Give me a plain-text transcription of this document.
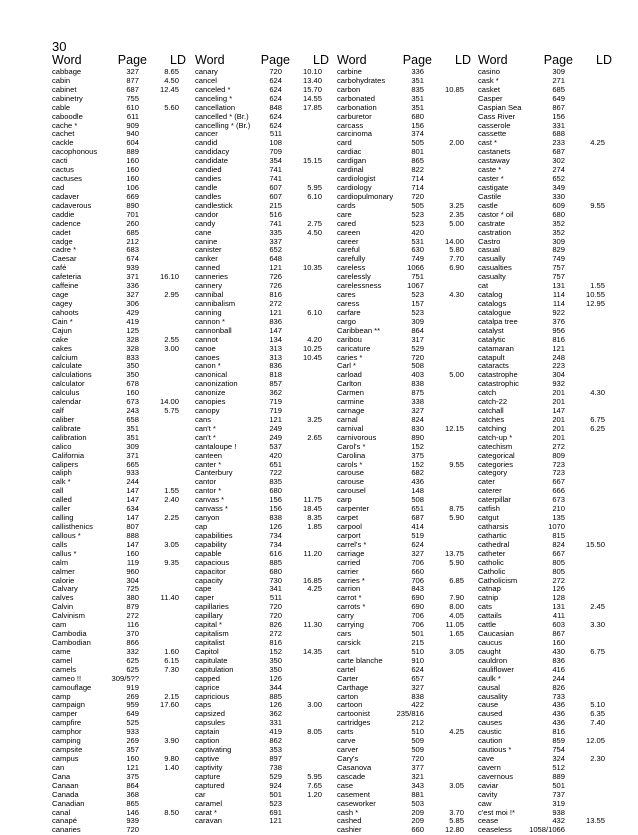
30
Word	Page LD
cabbage	327	8.65
cabin	877	4.50
cabinet	687	12.45
cabinetry	755
cable	610	5.60
caboodle	611
cache *	909
cachet	940
cackle	604
cacophonous	889
cacti	160
cactus	160
cactuses	160
cad	106
cadaver	669
cadaverous	890
caddie	701
cadence	260
cadet	685
cadge	212
cadre *	683
Caesar	674
café	939
cafeteria	371	16.10
caffeine	336
cage	327	2.95
cagey	306
cahoots	429
Cain *	419
Cajun	125
cake	328	2.55
cakes	328	3.00
calcium	833
calculate	350
calculations	350
calculator	678
calculus	160
calendar	673	14.00
calf	243	5.75
caliber	658
calibrate	351
calibration	351
calico	309
California	371
calipers	665
caliph	933
calk *	244
call	147	1.55
called	147	2.40
caller	634
calling	147	2.25
callisthenics	807
callous *	888
calls	147	3.05
callus *	160
calm	119	9.35
calmer	960
calorie	304
Calvary	725
calves	380	11.40
Calvin	879
Calvinism	272
cam	116
Cambodia	370
Cambodian	866
came	332	1.60
camel	625	6.15
camels	625	7.30
cameo !!	309/5??
camouflage	919
camp	269	2.15
campaign	959	17.60
camper	649
campfire	525
camphor	933
camping	269	3.90
campsite	357
campus	160	9.80
can	121	1.40
Cana	375
Canaan	864
Canada	368
Canadian	865
canal	146	8.50
canapé	939
canaries	720
Word	Page LD
canary	720	10.10
cancel	624	13.40
canceled *	624	15.70
canceling *	624	14.55
cancellation	848	17.85
cancelled * (Br.)	624
cancelling * (Br.)	624
cancer	511
candid	108
candidacy	709
candidate	354	15.15
candied	741
candies	741
candle	607	5.95
candles	607	6.10
candlestick	215
candor	516
candy	741	2.75
cane	335	4.50
canine	337
canister	652
canker	648
canned	121	10.35
canneries	726
cannery	726
cannibal	816
cannibalism	272
canning	121	6.10
cannon *	836
cannonball	147
cannot	134	4.20
canoe	313	10.25
canoes	313	10.45
canon *	836
canonical	818
canonization	857
canonize	362
canopies	719
canopy	719
cans	121	3.25
can't *	249
can't *	249	2.65
cantaloupe !	537
canteen	420
canter *	651
Canterbury	722
cantor	835
cantor *	680
canvas *	156	11.75
canvass *	156	18.45
canyon	838	8.35
cap	126	1.85
capabilities	734
capability	734
capable	616	11.20
capacious	885
capacitor	680
capacity	730	16.85
cape	341	4.25
caper	511
capillaries	720
capillary	720
capital *	826	11.30
capitalism	272
capitalist	816
Capitol	152	14.35
capitulate	350
capitulation	350
capped	126
caprice	344
capricious	885
caps	126	3.00
capsized	362
capsules	331
captain	419	8.05
caption	862
captivating	353
captive	897
captivity	738
capture	529	5.95
captured	924	7.65
car	501	1.20
caramel	523
carat *	691
caravan	121
Word	Page LD
carbine	336
carbohydrates	351
carbon	835	10.85
carbonated	351
carbonation	351
carburetor	680
carcass	156
carcinoma	374
card	505	2.00
cardiac	801
cardigan	865
cardinal	822
cardiologist	714
cardiology	714
cardiopulmonary 720
cards	505	3.25
care	523	2.35
cared	523	5.00
careen	420
career	531	14.00
careful	630	5.80
carefully	749	7.70
careless	1066	6.90
carelessly	751
carelessness	1067
cares	523	4.30
caress	157
carfare	523
cargo	309
Caribbean **	864
caribou	317
caricature	529
caries *	720
Carl *	508
carload	403	5.00
Carlton	838
Carmen	875
carmine	338
carnage	327
carnal	824
carnival	830	12.15
carnivorous	890
Carol's *	152
Carolina	375
carols *	152	9.55
carouse	682
carouse	436
carousel	148
carp	508
carpenter	651	8.75
carpet	687	5.90
carpool	414
carport	519
carrel's *	624
carriage	327	13.75
carried	706	5.90
carrier	660
carries *	706	6.85
carrion	843
carrot *	690	7.90
carrots *	690	8.00
carry	706	4.05
carrying	706	11.05
cars	501	1.65
carsick	215
cart	510	3.05
carte blanche	910
cartel	624
Carter	657
Carthage	327
carton	838
cartoon	422
cartoonist	235/816
cartridges	212
carts	510	4.25
carve	509
carver	509
Cary's	720
Casanova	377
cascade	321
case	343	3.05
casement	881
caseworker	503
cash *	209	3.70
cashed	209	5.85
cashier	660	12.80
Word	Page LD
casino	309
cask *	271
casket	685
Casper	649
Caspian Sea	867
Cass River	156
casserole	331
cassette	688
cast *	233	4.25
castanets	687
castaway	302
caste *	274
caster *	652
castigate	349
Castile	330
castle	609	9.55
castor * oil	680
castrate	352
castration	352
Castro	309
casual	829
casually	749
casualties	757
casualty	757
cat	131	1.55
catalog	114	10.55
catalogs	114	12.95
catalogue	922
catalpa tree	376
catalyst	956
catalytic	816
catamaran	121
catapult	248
cataracts	223
catastrophe	304
catastrophic	932
catch	201	4.30
catch-22	201
catchall	147
catches	201	6.75
catching	201	6.25
catch-up *	201
catechism	272
categorical	809
categories	723
category	723
cater	667
caterer	666
caterpillar	673
catfish	210
catgut	135
catharsis	1070
cathartic	815
cathedral	824	15.50
catheter	667
catholic	805
Catholic	805
Catholicism	272
catnap	126
catnip	128
cats	131	2.45
cattails	411
cattle	603	3.30
Caucasian	867
caucus	160
caught	430	6.75
cauldron	836
cauliflower	416
caulk *	244
causal	826
causality	733
cause	436	5.10
caused	436	6.35
causes	436	7.40
caustic	816
caution	859	12.05
cautious *	754
cave	324	2.30
cavern	512
cavernous	889
caviar	501
cavity	737
caw	319
c'est moi !*	938
cease	432	13.55
ceaseless 1058/1066
